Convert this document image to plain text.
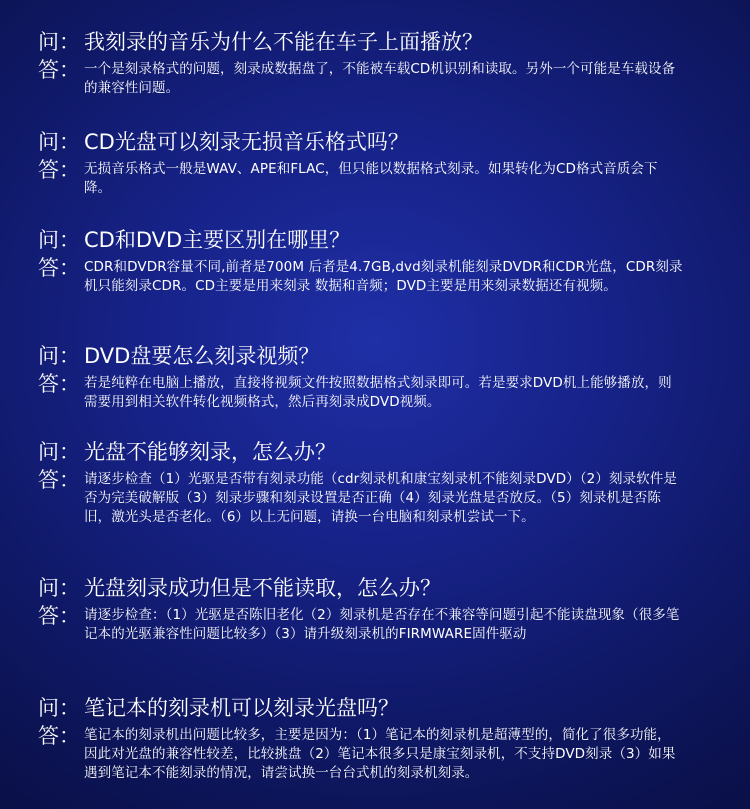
问： 我刻录的音乐为什么不能在车子上面播放？
答： 一个是刻录格式的问题，刻录成数据盘了，不能被车载CD机识别和读取。另外一个可能是车载设备的兼容性问题。
问： CD光盘可以刻录无损音乐格式吗？
答： 无损音乐格式一般是WAV、APE和FLAC，但只能以数据格式刻录。如果转化为CD格式音质会下降。
问： CD和DVD主要区别在哪里？
答： CDR和DVDR容量不同,前者是700M 后者是4.7GB,dvd刻录机能刻录DVDR和CDR光盘，CDR刻录机只能刻录CDR。CD主要是用来刻录 数据和音频；DVD主要是用来刻录数据还有视频。
问： DVD盘要怎么刻录视频？
答： 若是纯粹在电脑上播放，直接将视频文件按照数据格式刻录即可。若是要求DVD机上能够播放，则需要用到相关软件转化视频格式，然后再刻录成DVD视频。
问： 光盘不能够刻录，怎么办？
答： 请逐步检查（1）光驱是否带有刻录功能（cdr刻录机和康宝刻录机不能刻录DVD）（2）刻录软件是否为完美破解版（3）刻录步骤和刻录设置是否正确（4）刻录光盘是否放反。（5）刻录机是否陈旧，激光头是否老化。（6）以上无问题，请换一台电脑和刻录机尝试一下。
问： 光盘刻录成功但是不能读取，怎么办？
答： 请逐步检查：（1）光驱是否陈旧老化（2）刻录机是否存在不兼容等问题引起不能读盘现象（很多笔记本的光驱兼容性问题比较多）（3）请升级刻录机的FIRMWARE固件驱动
问： 笔记本的刻录机可以刻录光盘吗？
答： 笔记本的刻录机出问题比较多，主要是因为：（1）笔记本的刻录机是超薄型的，简化了很多功能，因此对光盘的兼容性较差，比较挑盘（2）笔记本很多只是康宝刻录机，不支持DVD刻录（3）如果遇到笔记本不能刻录的情况，请尝试换一台台式机的刻录机刻录。
